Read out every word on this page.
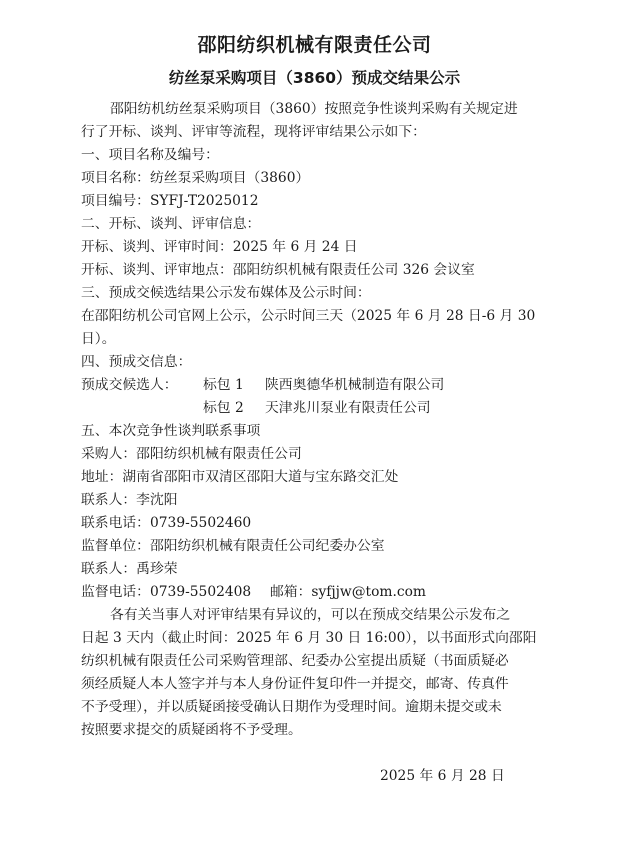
邵阳纺织机械有限责任公司
纺丝泵采购项目（3860）预成交结果公示
邵阳纺机纺丝泵采购项目（3860）按照竞争性谈判采购有关规定进
行了开标、谈判、评审等流程，现将评审结果公示如下：
一、项目名称及编号：
项目名称：纺丝泵采购项目（3860）
项目编号：SYFJ-T2025012
二、开标、谈判、评审信息：
开标、谈判、评审时间：2025 年 6 月 24 日
开标、谈判、评审地点：邵阳纺织机械有限责任公司 326 会议室
三、预成交候选结果公示发布媒体及公示时间：
在邵阳纺机公司官网上公示，公示时间三天（2025 年 6 月 28 日-6 月 30
日）。
四、预成交信息：
预成交候选人： 标包 1 陕西奥德华机械制造有限公司
标包 2 天津兆川泵业有限责任公司
五、本次竞争性谈判联系事项
采购人：邵阳纺织机械有限责任公司
地址：湖南省邵阳市双清区邵阳大道与宝东路交汇处
联系人：李沈阳
联系电话：0739-5502460
监督单位：邵阳纺织机械有限责任公司纪委办公室
联系人：禹珍荣
监督电话：0739-5502408 邮箱：syfjjw@tom.com
各有关当事人对评审结果有异议的，可以在预成交结果公示发布之
日起 3 天内（截止时间：2025 年 6 月 30 日 16:00），以书面形式向邵阳
纺织机械有限责任公司采购管理部、纪委办公室提出质疑（书面质疑必
须经质疑人本人签字并与本人身份证件复印件一并提交，邮寄、传真件
不予受理），并以质疑函接受确认日期作为受理时间。逾期未提交或未
按照要求提交的质疑函将不予受理。
2025 年 6 月 28 日
